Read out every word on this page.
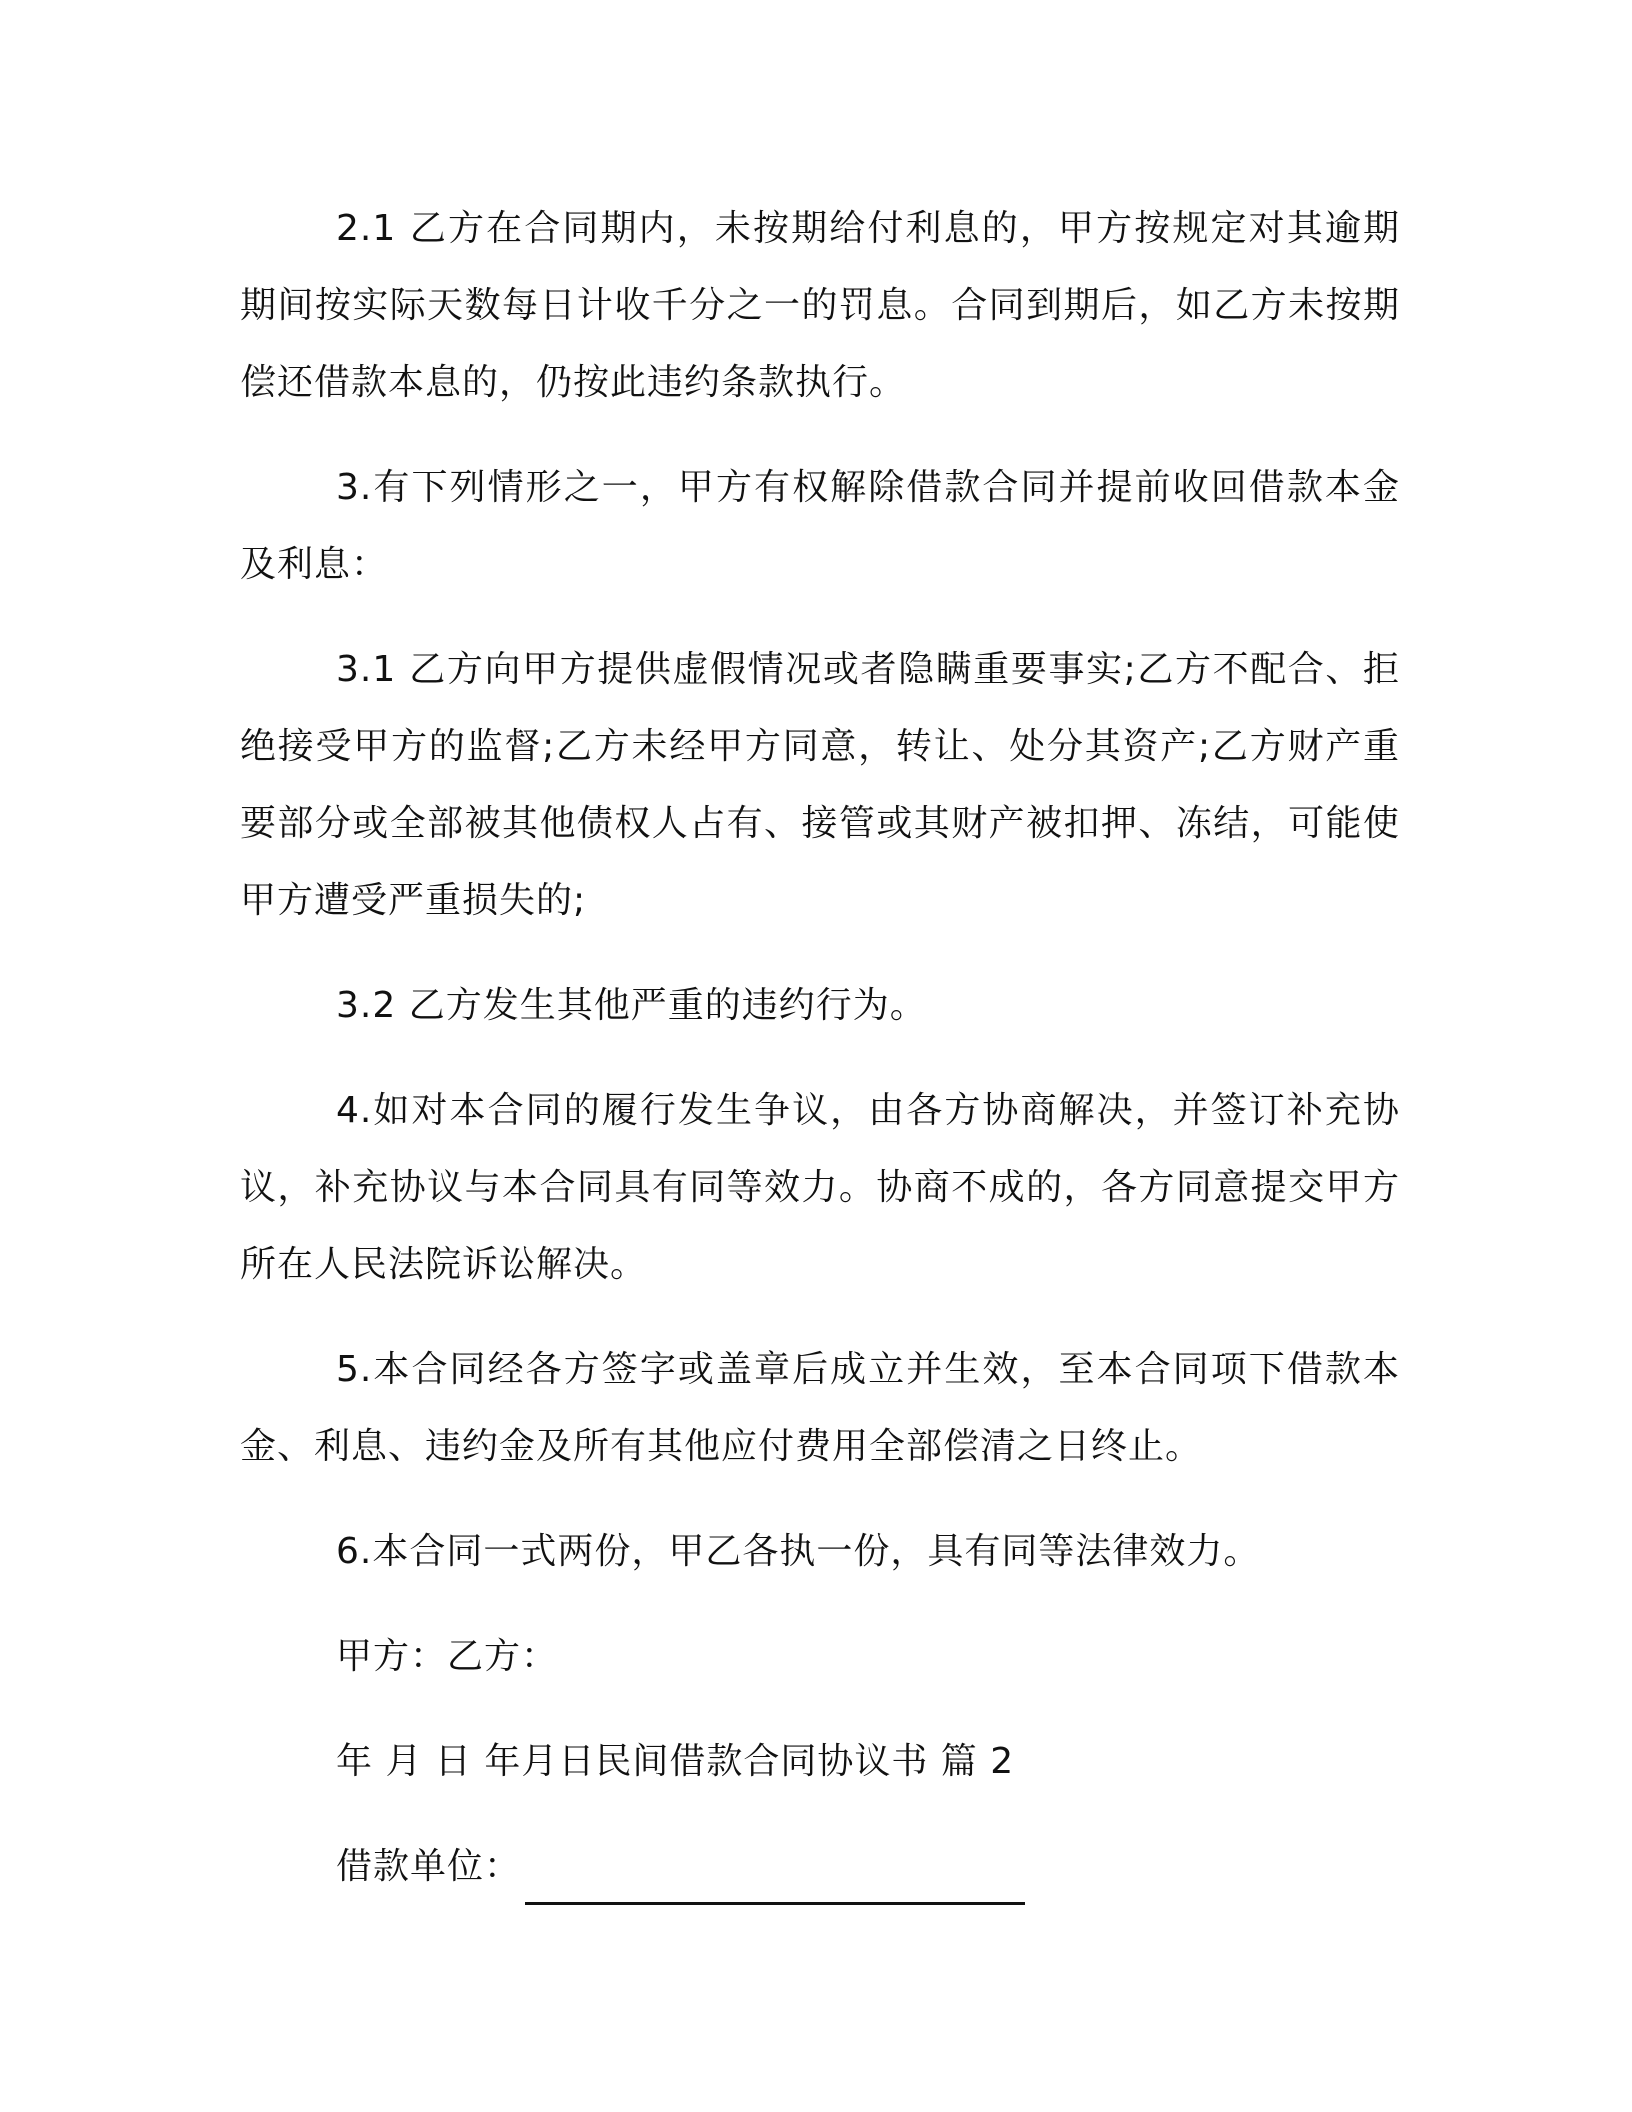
2.1 乙方在合同期内，未按期给付利息的，甲方按规定对其逾期期间按实际天数每日计收千分之一的罚息。合同到期后，如乙方未按期偿还借款本息的，仍按此违约条款执行。

3.有下列情形之一，甲方有权解除借款合同并提前收回借款本金及利息：

3.1 乙方向甲方提供虚假情况或者隐瞒重要事实;乙方不配合、拒绝接受甲方的监督;乙方未经甲方同意，转让、处分其资产;乙方财产重要部分或全部被其他债权人占有、接管或其财产被扣押、冻结，可能使甲方遭受严重损失的;

3.2 乙方发生其他严重的违约行为。

4.如对本合同的履行发生争议，由各方协商解决，并签订补充协议，补充协议与本合同具有同等效力。协商不成的，各方同意提交甲方所在人民法院诉讼解决。

5.本合同经各方签字或盖章后成立并生效，至本合同项下借款本金、利息、违约金及所有其他应付费用全部偿清之日终止。

6.本合同一式两份，甲乙各执一份，具有同等法律效力。

甲方：乙方：

年 月 日 年月日民间借款合同协议书 篇 2

借款单位：
